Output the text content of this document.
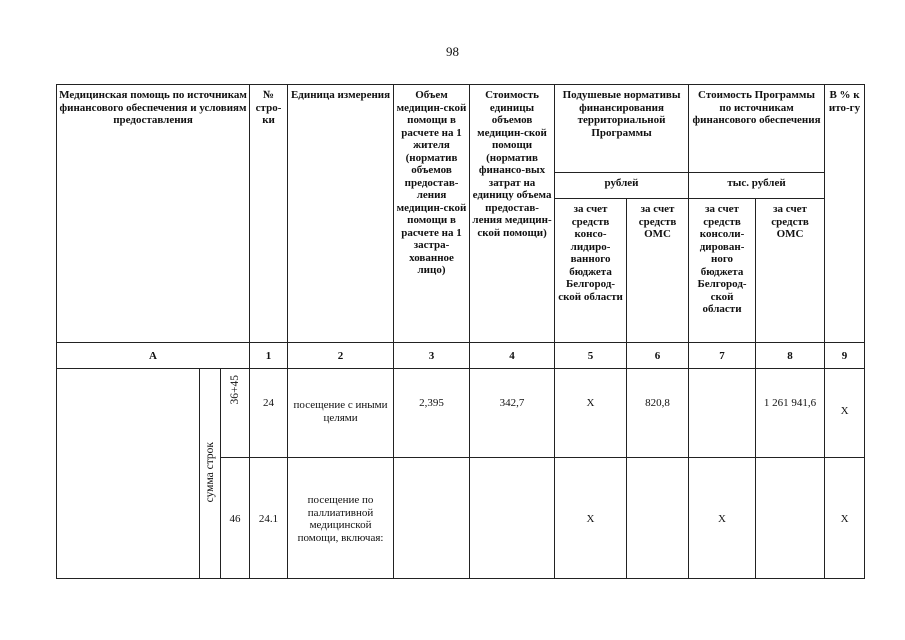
98
Медицинская помощь по источникам финансового обеспечения и условиям предоставления			№ стро-ки	Единица измерения	Объем медицин-ской помощи в расчете на 1 жителя (норматив объемов предостав-ления медицин-ской помощи в расчете на 1 застра-хованное лицо)	Стоимость единицы объемов медицин-ской помощи (норматив финансо-вых затрат на единицу объема предостав-ления медицин-ской помощи)	Подушевые нормативы финансирования территориальной Программы		Стоимость Программы по источникам финансового обеспечения		В % к ито-гу
							рублей		тыс. рублей		
							за счет средств консо-лидиро-ванного бюджета Белгород-ской области	за счет средств ОМС	за счет средств консоли-дирован-ного бюджета Белгород-ской области	за счет средств ОМС	
А			1	2	3	4	5	6	7	8	9
	сумма строк	36+45	24	посещение с иными целями	2,395	342,7	Х	820,8		1 261 941,6	Х
		46	24.1	посещение по паллиативной медицинской помощи, включая:			Х		Х		Х
